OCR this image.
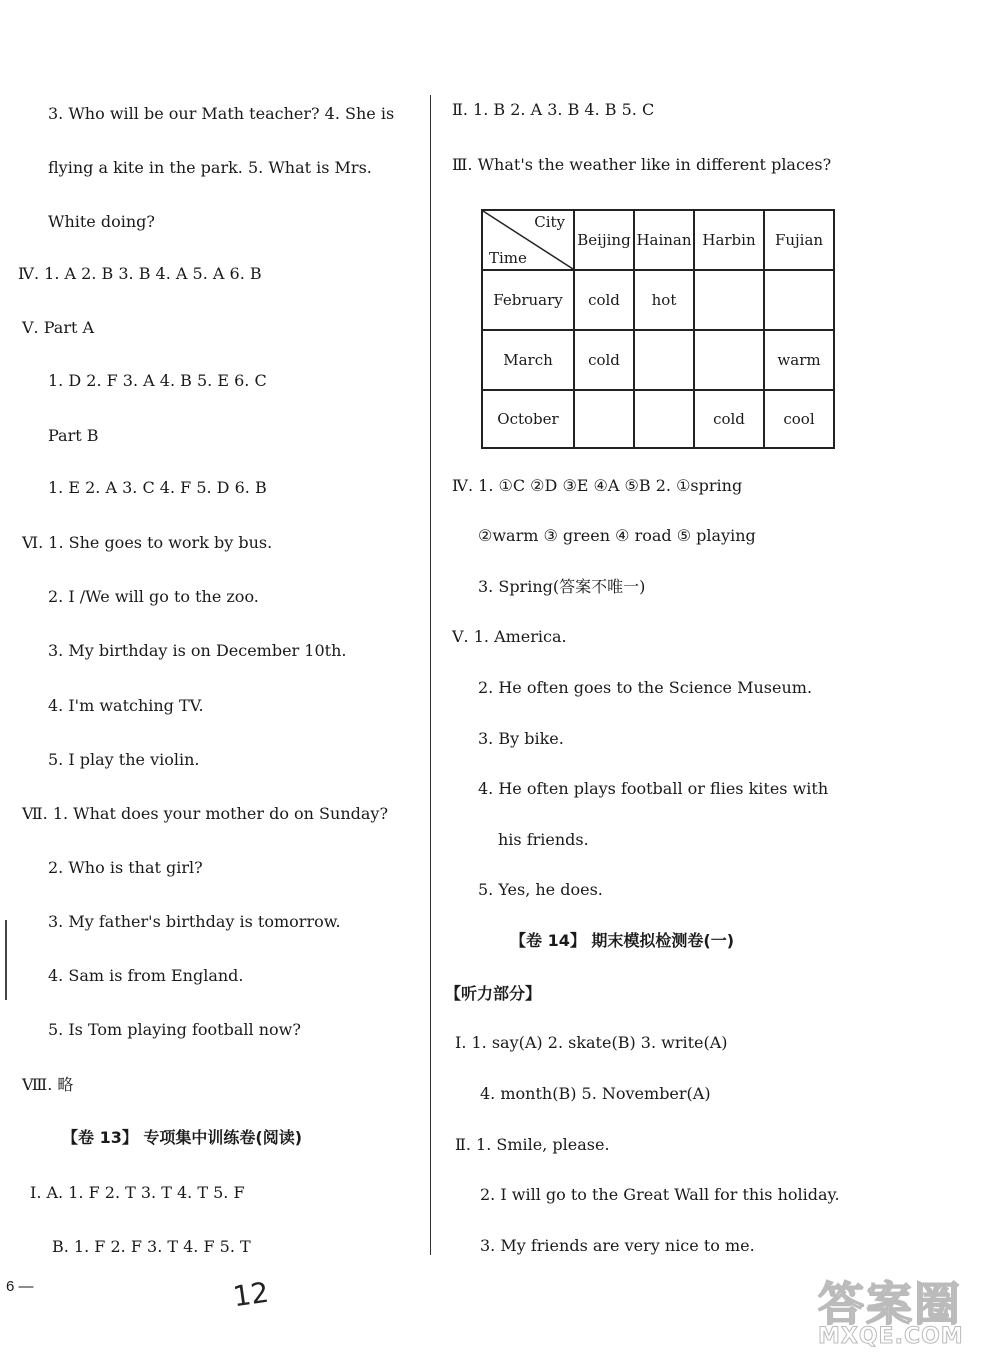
3. Who will be our Math teacher? 4. She is
flying a kite in the park. 5. What is Mrs.
White doing?
Ⅳ. 1. A 2. B 3. B 4. A 5. A 6. B
Ⅴ. Part A
1. D 2. F 3. A 4. B 5. E 6. C
Part B
1. E 2. A 3. C 4. F 5. D 6. B
Ⅵ. 1. She goes to work by bus.
2. I /We will go to the zoo.
3. My birthday is on December 10th.
4. I'm watching TV.
5. I play the violin.
Ⅶ. 1. What does your mother do on Sunday?
2. Who is that girl?
3. My father's birthday is tomorrow.
4. Sam is from England.
5. Is Tom playing football now?
Ⅷ. 略
【卷 13】 专项集中训练卷(阅读)
Ⅰ. A. 1. F 2. T 3. T 4. T 5. F
B. 1. F 2. F 3. T 4. F 5. T
Ⅱ. 1. B 2. A 3. B 4. B 5. C
Ⅲ. What's the weather like in different places?
Ⅳ. 1. ①C ②D ③E ④A ⑤B 2. ①spring
②warm ③ green ④ road ⑤ playing
3. Spring(答案不唯一)
Ⅴ. 1. America.
2. He often goes to the Science Museum.
3. By bike.
4. He often plays football or flies kites with
his friends.
5. Yes, he does.
【卷 14】 期末模拟检测卷(一)
【听力部分】
Ⅰ. 1. say(A) 2. skate(B) 3. write(A)
4. month(B) 5. November(A)
Ⅱ. 1. Smile, please.
2. I will go to the Great Wall for this holiday.
3. My friends are very nice to me.
City
Time	Beijing	Hainan	Harbin	Fujian
February	cold	hot		
March	cold			warm
October			cold	cool
6 —	12	答案圈
MXQE.COM
